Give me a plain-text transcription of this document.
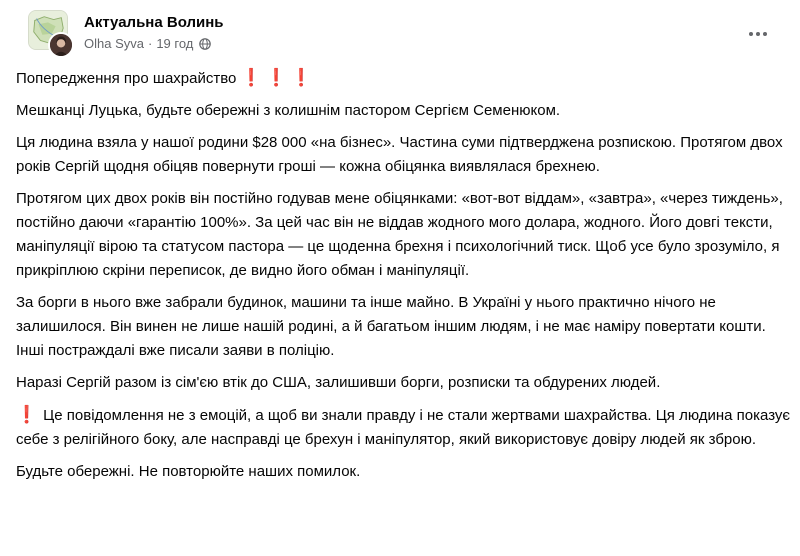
Актуальна Волинь
Olha Syva · 19 год

Попередження про шахрайство ❗❗❗

Мешканці Луцька, будьте обережні з колишнім пастором Сергієм Семенюком.

Ця людина взяла у нашої родини $28 000 «на бізнес». Частина суми підтверджена розпискою. Протягом двох років Сергій щодня обіцяв повернути гроші — кожна обіцянка виявлялася брехнею.

Протягом цих двох років він постійно годував мене обіцянками: «вот-вот віддам», «завтра», «через тиждень», постійно даючи «гарантію 100%». За цей час він не віддав жодного мого долара, жодного. Його довгі тексти, маніпуляції вірою та статусом пастора — це щоденна брехня і психологічний тиск. Щоб усе було зрозуміло, я прикріплюю скріни переписок, де видно його обман і маніпуляції.

За борги в нього вже забрали будинок, машини та інше майно. В Україні у нього практично нічого не залишилося. Він винен не лише нашій родині, а й багатьом іншим людям, і не має наміру повертати кошти. Інші постраждалі вже писали заяви в поліцію.

Наразі Сергій разом із сім'єю втік до США, залишивши борги, розписки та обдурених людей.

❗ Це повідомлення не з емоцій, а щоб ви знали правду і не стали жертвами шахрайства. Ця людина показує себе з релігійного боку, але насправді це брехун і маніпулятор, який використовує довіру людей як зброю.

Будьте обережні. Не повторюйте наших помилок.
